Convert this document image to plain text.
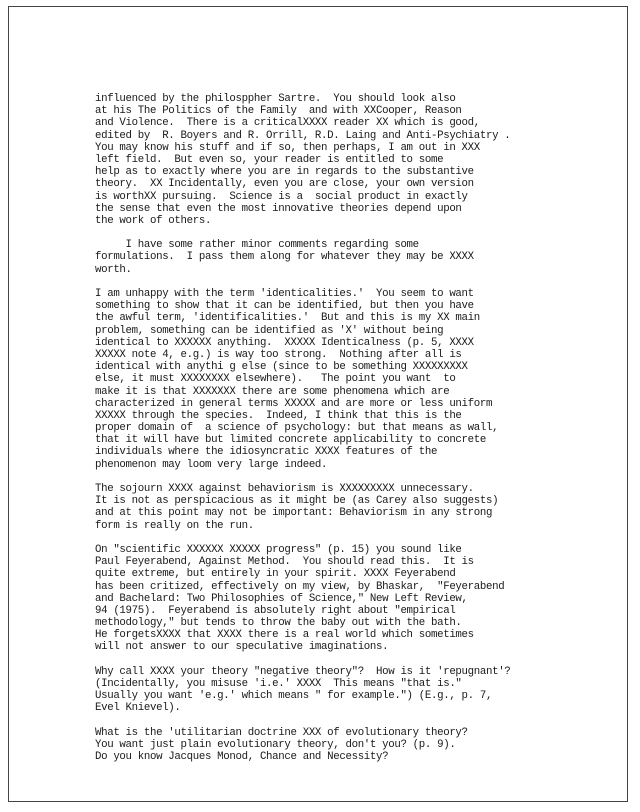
influenced by the philosppher Sartre.  You should look also
at his The Politics of the Family  and with XXCooper, Reason
and Violence.  There is a criticalXXXX reader XX which is good,
edited by  R. Boyers and R. Orrill, R.D. Laing and Anti-Psychiatry .
You may know his stuff and if so, then perhaps, I am out in XXX
left field.  But even so, your reader is entitled to some
help as to exactly where you are in regards to the substantive
theory.  XX Incidentally, even you are close, your own version
is worthXX pursuing.  Science is a  social product in exactly
the sense that even the most innovative theories depend upon
the work of others.
I have some rather minor comments regarding some
formulations.  I pass them along for whatever they may be XXXX
worth.
I am unhappy with the term 'identicalities.'  You seem to want
something to show that it can be identified, but then you have
the awful term, 'identificalities.'  But and this is my XX main
problem, something can be identified as 'X' without being
identical to XXXXXX anything.  XXXXX Identicalness (p. 5, XXXX
XXXXX note 4, e.g.) is way too strong.  Nothing after all is
identical with anythi g else (since to be something XXXXXXXXX
else, it must XXXXXXXX elsewhere).   The point you want  to
make it is that XXXXXXX there are some phenomena which are
characterized in general terms XXXXX and are more or less uniform
XXXXX through the species.  Indeed, I think that this is the
proper domain of  a science of psychology: but that means as wall,
that it will have but limited concrete applicability to concrete
individuals where the idiosyncratic XXXX features of the
phenomenon may loom very large indeed.
The sojourn XXXX against behaviorism is XXXXXXXXX unnecessary.
It is not as perspicacious as it might be (as Carey also suggests)
and at this point may not be important: Behaviorism in any strong
form is really on the run.
On "scientific XXXXXX XXXXX progress" (p. 15) you sound like
Paul Feyerabend, Against Method.  You should read this.  It is
quite extreme, but entirely in your spirit. XXXX Feyerabend
has been critized, effectively on my view, by Bhaskar,  "Feyerabend
and Bachelard: Two Philosophies of Science," New Left Review,
94 (1975).  Feyerabend is absolutely right about "empirical
methodology," but tends to throw the baby out with the bath.
He forgetsXXXX that XXXX there is a real world which sometimes
will not answer to our speculative imaginations.
Why call XXXX your theory "negative theory"?  How is it 'repugnant'?
(Incidentally, you misuse 'i.e.' XXXX  This means "that is."
Usually you want 'e.g.' which means " for example.") (E.g., p. 7,
Evel Knievel).
What is the 'utilitarian doctrine XXX of evolutionary theory?
You want just plain evolutionary theory, don't you? (p. 9).
Do you know Jacques Monod, Chance and Necessity?
